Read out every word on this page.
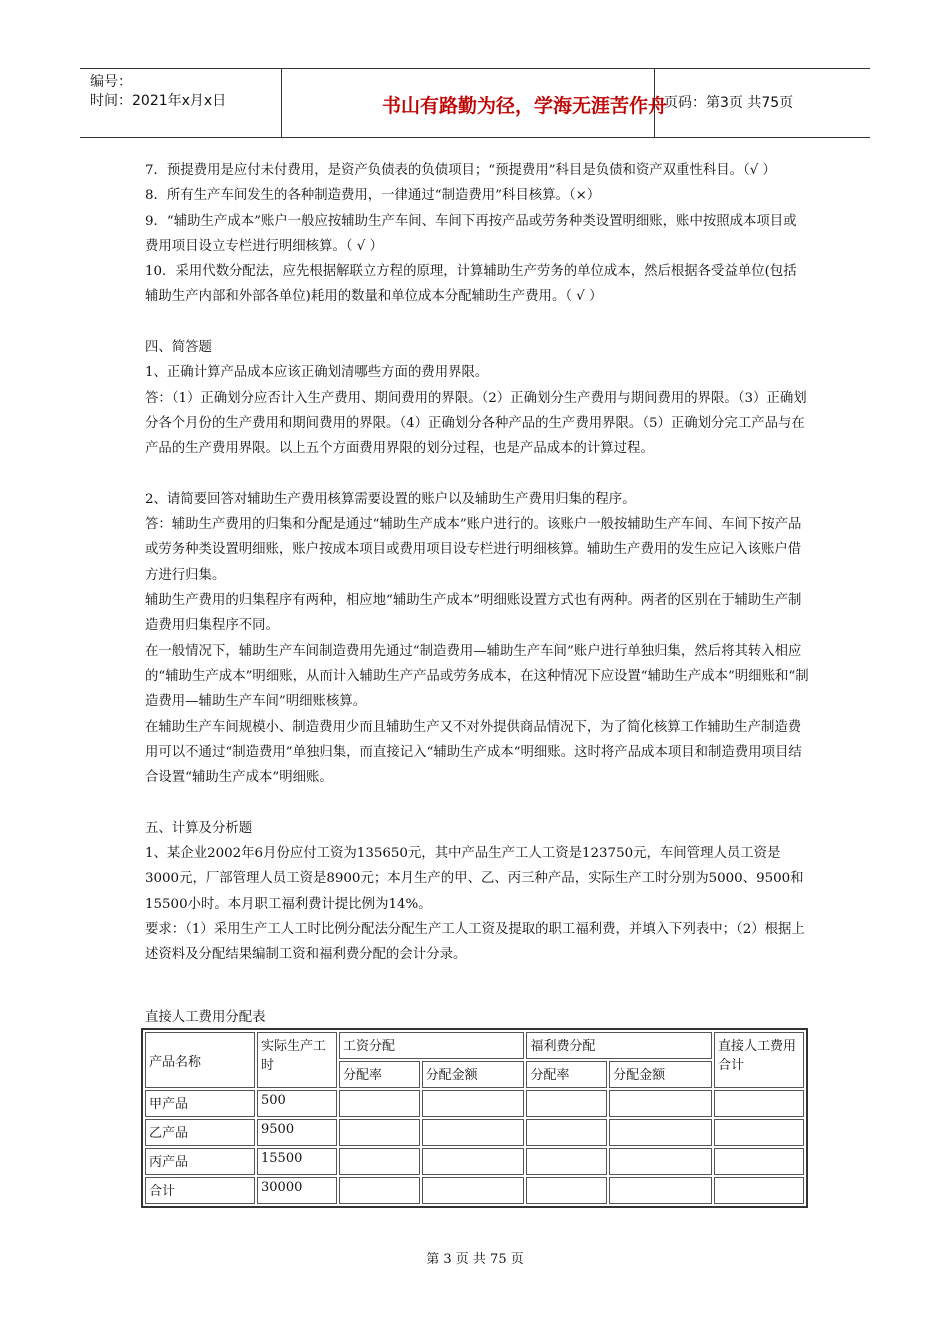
编号：
时间：2021年x月x日	书山有路勤为径，学海无涯苦作舟
页码：第3页 共75页

7．预提费用是应付未付费用，是资产负债表的负债项目；“预提费用”科目是负债和资产双重性科目。（√ ）

8．所有生产车间发生的各种制造费用，一律通过“制造费用”科目核算。（×）

9．“辅助生产成本”账户一般应按辅助生产车间、车间下再按产品或劳务种类设置明细账，账中按照成本项目或费用项目设立专栏进行明细核算。（ √ ）

10．采用代数分配法，应先根据解联立方程的原理，计算辅助生产劳务的单位成本，然后根据各受益单位(包括辅助生产内部和外部各单位)耗用的数量和单位成本分配辅助生产费用。（ √ ）

四、简答题

1、正确计算产品成本应该正确划清哪些方面的费用界限。

答：（1）正确划分应否计入生产费用、期间费用的界限。（2）正确划分生产费用与期间费用的界限。（3）正确划分各个月份的生产费用和期间费用的界限。（4）正确划分各种产品的生产费用界限。（5）正确划分完工产品与在产品的生产费用界限。以上五个方面费用界限的划分过程，也是产品成本的计算过程。

2、请简要回答对辅助生产费用核算需要设置的账户以及辅助生产费用归集的程序。

答：辅助生产费用的归集和分配是通过“辅助生产成本”账户进行的。该账户一般按辅助生产车间、车间下按产品或劳务种类设置明细账，账户按成本项目或费用项目设专栏进行明细核算。辅助生产费用的发生应记入该账户借方进行归集。

辅助生产费用的归集程序有两种，相应地“辅助生产成本”明细账设置方式也有两种。两者的区别在于辅助生产制造费用归集程序不同。

在一般情况下，辅助生产车间制造费用先通过“制造费用—辅助生产车间”账户进行单独归集，然后将其转入相应的“辅助生产成本”明细账，从而计入辅助生产产品或劳务成本，在这种情况下应设置“辅助生产成本”明细账和“制造费用—辅助生产车间”明细账核算。

在辅助生产车间规模小、制造费用少而且辅助生产又不对外提供商品情况下，为了简化核算工作辅助生产制造费用可以不通过“制造费用”单独归集，而直接记入“辅助生产成本”明细账。这时将产品成本项目和制造费用项目结合设置“辅助生产成本”明细账。

五、计算及分析题

1、某企业2002年6月份应付工资为135650元，其中产品生产工人工资是123750元，车间管理人员工资是3000元，厂部管理人员工资是8900元；本月生产的甲、乙、丙三种产品，实际生产工时分别为5000、9500和15500小时。本月职工福利费计提比例为14%。

要求：（1）采用生产工人工时比例分配法分配生产工人工资及提取的职工福利费，并填入下列表中；（2）根据上述资料及分配结果编制工资和福利费分配的会计分录。

直接人工费用分配表
产品名称	实际生产工时	工资分配		福利费分配		直接人工费用合计
		分配率	分配金额	分配率	分配金额	
甲产品	500					
乙产品	9500					
丙产品	15500					
合计	30000					
第 3 页 共 75 页
